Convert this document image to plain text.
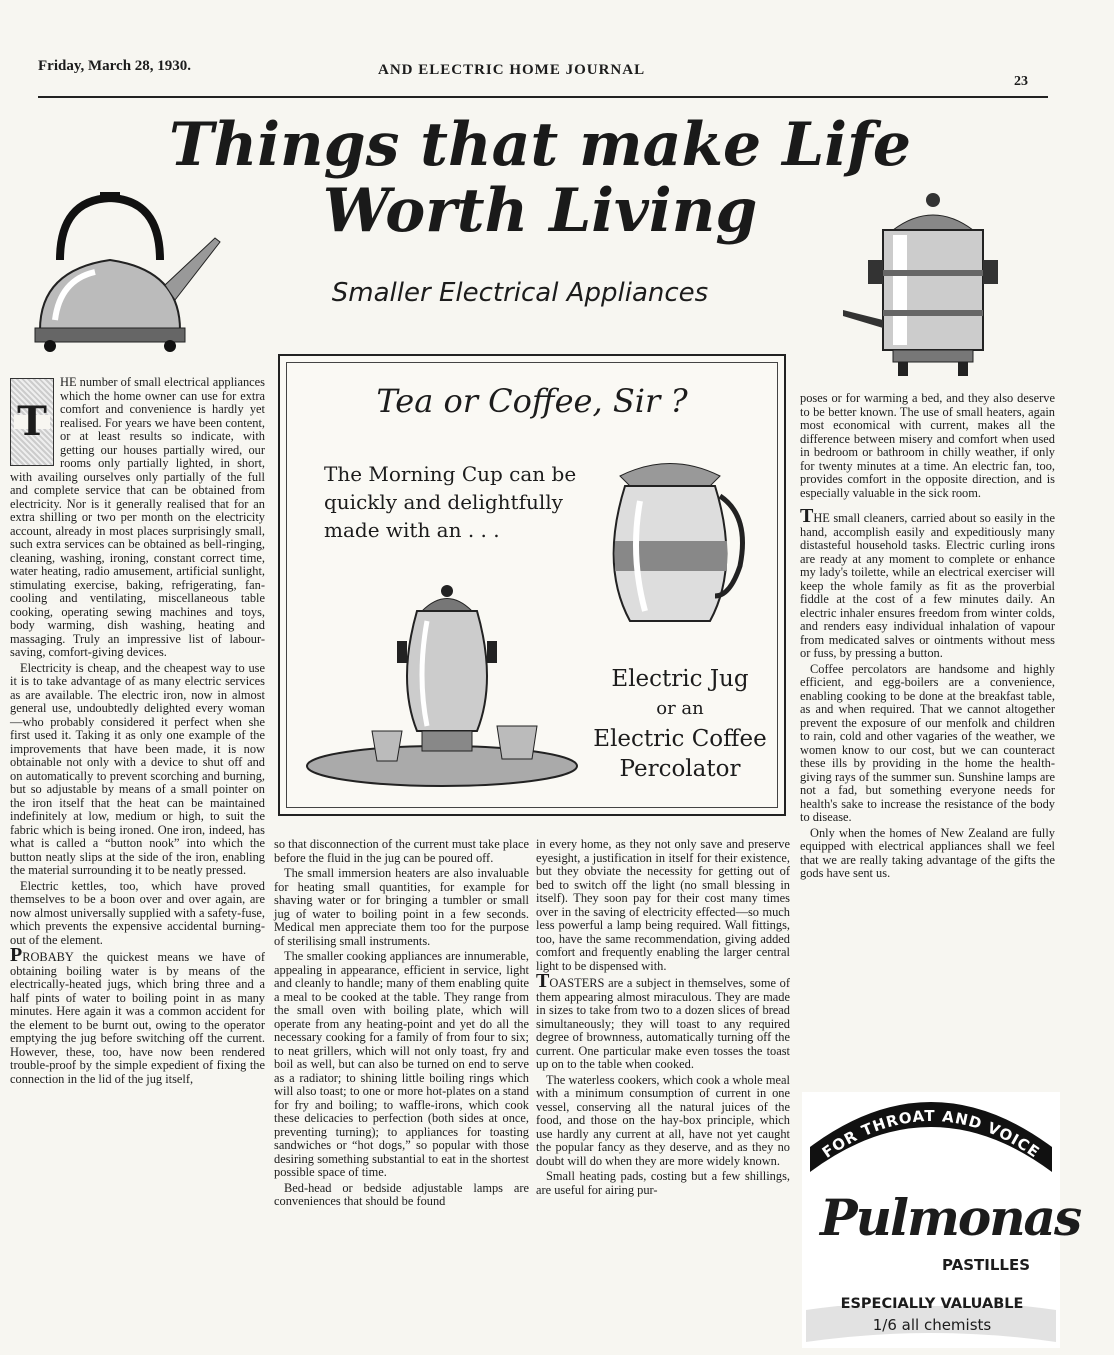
Friday, March 28, 1930.	AND ELECTRIC HOME JOURNAL
23
Things that make Life Worth Living
Smaller Electrical Appliances
T

HE number of small electrical appliances which the home owner can use for extra comfort and convenience is hardly yet realised. For years we have been content, or at least results so indicate, with getting our houses partially wired, our rooms only partially lighted, in short, with availing ourselves only partially of the full and complete service that can be obtained from electricity. Nor is it generally realised that for an extra shilling or two per month on the electricity account, already in most places surprisingly small, such extra services can be obtained as bell-ringing, cleaning, washing, ironing, constant correct time, water heating, radio amusement, artificial sunlight, stimulating exercise, baking, refrigerating, fan-cooling and ventilating, miscellaneous table cooking, operating sewing machines and toys, body warming, dish washing, heating and massaging. Truly an impressive list of labour-saving, comfort-giving devices.

Electricity is cheap, and the cheapest way to use it is to take advantage of as many electric services as are available. The electric iron, now in almost general use, undoubtedly delighted every woman—who probably considered it perfect when she first used it. Taking it as only one example of the improvements that have been made, it is now obtainable not only with a device to shut off and on automatically to prevent scorching and burning, but so adjustable by means of a small pointer on the iron itself that the heat can be maintained indefinitely at low, medium or high, to suit the fabric which is being ironed. One iron, indeed, has what is called a “button nook” into which the button neatly slips at the side of the iron, enabling the material surrounding it to be neatly pressed.

Electric kettles, too, which have proved themselves to be a boon over and over again, are now almost universally supplied with a safety-fuse, which prevents the expensive accidental burning-out of the element.

PROBABY the quickest means we have of obtaining boiling water is by means of the electrically-heated jugs, which bring three and a half pints of water to boiling point in as many minutes. Here again it was a common accident for the element to be burnt out, owing to the operator emptying the jug before switching off the current. However, these, too, have now been rendered trouble-proof by the simple expedient of fixing the connection in the lid of the jug itself,

Tea or Coffee, Sir ?
The Morning Cup can be quickly and delightfully made with an . . .
Electric Jug
or an
Electric Coffee Percolator

so that disconnection of the current must take place before the fluid in the jug can be poured off.

The small immersion heaters are also invaluable for heating small quantities, for example for shaving water or for bringing a tumbler or small jug of water to boiling point in a few seconds. Medical men appreciate them too for the purpose of sterilising small instruments.

The smaller cooking appliances are innumerable, appealing in appearance, efficient in service, light and cleanly to handle; many of them enabling quite a meal to be cooked at the table. They range from the small oven with boiling plate, which will operate from any heating-point and yet do all the necessary cooking for a family of from four to six; to neat grillers, which will not only toast, fry and boil as well, but can also be turned on end to serve as a radiator; to shining little boiling rings which will also toast; to one or more hot-plates on a stand for fry and boiling; to waffle-irons, which cook these delicacies to perfection (both sides at once, preventing turning); to appliances for toasting sandwiches or “hot dogs,” so popular with those desiring something substantial to eat in the shortest possible space of time.

Bed-head or bedside adjustable lamps are conveniences that should be found

in every home, as they not only save and preserve eyesight, a justification in itself for their existence, but they obviate the necessity for getting out of bed to switch off the light (no small blessing in itself). They soon pay for their cost many times over in the saving of electricity effected—so much less powerful a lamp being required. Wall fittings, too, have the same recommendation, giving added comfort and frequently enabling the larger central light to be dispensed with.

TOASTERS are a subject in themselves, some of them appearing almost miraculous. They are made in sizes to take from two to a dozen slices of bread simultaneously; they will toast to any required degree of brownness, automatically turning off the current. One particular make even tosses the toast up on to the table when cooked.

The waterless cookers, which cook a whole meal with a minimum consumption of current in one vessel, conserving all the natural juices of the food, and those on the hay-box principle, which use hardly any current at all, have not yet caught the popular fancy as they deserve, and as they no doubt will do when they are more widely known.

Small heating pads, costing but a few shillings, are useful for airing pur-

poses or for warming a bed, and they also deserve to be better known. The use of small heaters, again most economical with current, makes all the difference between misery and comfort when used in bedroom or bathroom in chilly weather, if only for twenty minutes at a time. An electric fan, too, provides comfort in the opposite direction, and is especially valuable in the sick room.

THE small cleaners, carried about so easily in the hand, accomplish easily and expeditiously many distasteful household tasks. Electric curling irons are ready at any moment to complete or enhance my lady's toilette, while an electrical exerciser will keep the whole family as fit as the proverbial fiddle at the cost of a few minutes daily. An electric inhaler ensures freedom from winter colds, and renders easy individual inhalation of vapour from medicated salves or ointments without mess or fuss, by pressing a button.

Coffee percolators are handsome and highly efficient, and egg-boilers are a convenience, enabling cooking to be done at the breakfast table, as and when required. That we cannot altogether prevent the exposure of our menfolk and children to rain, cold and other vagaries of the weather, we women know to our cost, but we can counteract these ills by providing in the home the health-giving rays of the summer sun. Sunshine lamps are not a fad, but something everyone needs for health's sake to increase the resistance of the body to disease.

Only when the homes of New Zealand are fully equipped with electrical appliances shall we feel that we are really taking advantage of the gifts the gods have sent us.

FOR THROAT AND VOICE
Pulmonas
PASTILLES
ESPECIALLY VALUABLE
1/6 all chemists
